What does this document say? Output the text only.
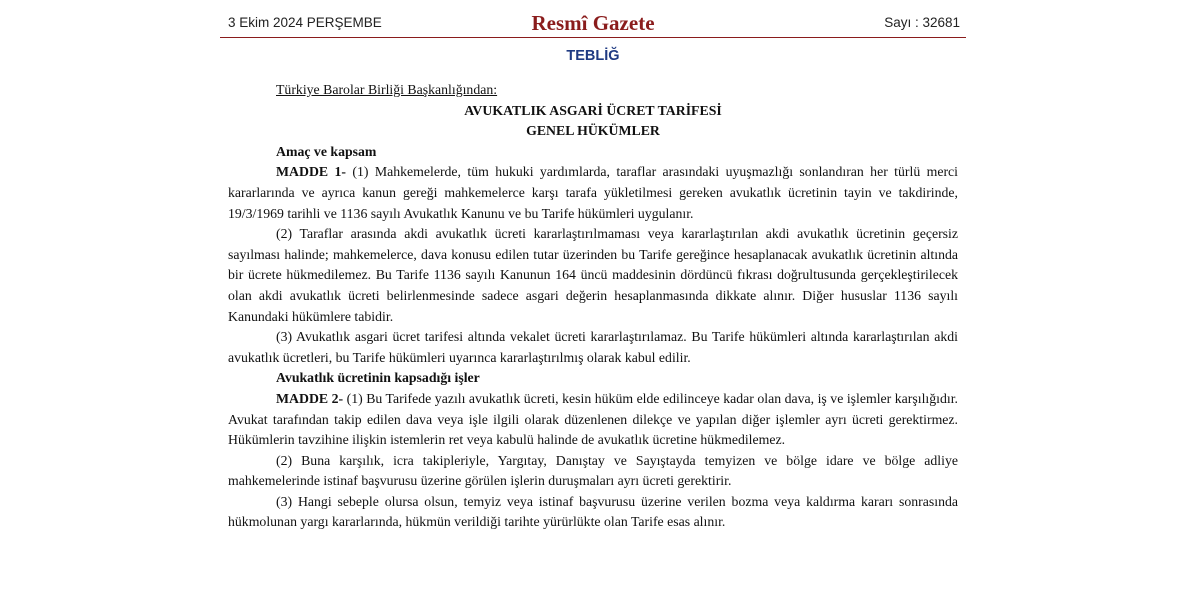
3 Ekim 2024 PERŞEMBE	Resmî Gazete	Sayı : 32681
TEBLİĞ
Türkiye Barolar Birliği Başkanlığından:
AVUKATLIK ASGARİ ÜCRET TARİFESİ
GENEL HÜKÜMLER
Amaç ve kapsam

MADDE 1- (1) Mahkemelerde, tüm hukuki yardımlarda, taraflar arasındaki uyuşmazlığı sonlandıran her türlü merci kararlarında ve ayrıca kanun gereği mahkemelerce karşı tarafa yükletilmesi gereken avukatlık ücretinin tayin ve takdirinde, 19/3/1969 tarihli ve 1136 sayılı Avukatlık Kanunu ve bu Tarife hükümleri uygulanır.

(2) Taraflar arasında akdi avukatlık ücreti kararlaştırılmaması veya kararlaştırılan akdi avukatlık ücretinin geçersiz sayılması halinde; mahkemelerce, dava konusu edilen tutar üzerinden bu Tarife gereğince hesaplanacak avukatlık ücretinin altında bir ücrete hükmedilemez. Bu Tarife 1136 sayılı Kanunun 164 üncü maddesinin dördüncü fıkrası doğrultusunda gerçekleştirilecek olan akdi avukatlık ücreti belirlenmesinde sadece asgari değerin hesaplanmasında dikkate alınır. Diğer hususlar 1136 sayılı Kanundaki hükümlere tabidir.

(3) Avukatlık asgari ücret tarifesi altında vekalet ücreti kararlaştırılamaz. Bu Tarife hükümleri altında kararlaştırılan akdi avukatlık ücretleri, bu Tarife hükümleri uyarınca kararlaştırılmış olarak kabul edilir.

Avukatlık ücretinin kapsadığı işler

MADDE 2- (1) Bu Tarifede yazılı avukatlık ücreti, kesin hüküm elde edilinceye kadar olan dava, iş ve işlemler karşılığıdır. Avukat tarafından takip edilen dava veya işle ilgili olarak düzenlenen dilekçe ve yapılan diğer işlemler ayrı ücreti gerektirmez. Hükümlerin tavzihine ilişkin istemlerin ret veya kabulü halinde de avukatlık ücretine hükmedilemez.

(2) Buna karşılık, icra takipleriyle, Yargıtay, Danıştay ve Sayıştayda temyizen ve bölge idare ve bölge adliye mahkemelerinde istinaf başvurusu üzerine görülen işlerin duruşmaları ayrı ücreti gerektirir.

(3) Hangi sebeple olursa olsun, temyiz veya istinaf başvurusu üzerine verilen bozma veya kaldırma kararı sonrasında hükmolunan yargı kararlarında, hükmün verildiği tarihte yürürlükte olan Tarife esas alınır.
